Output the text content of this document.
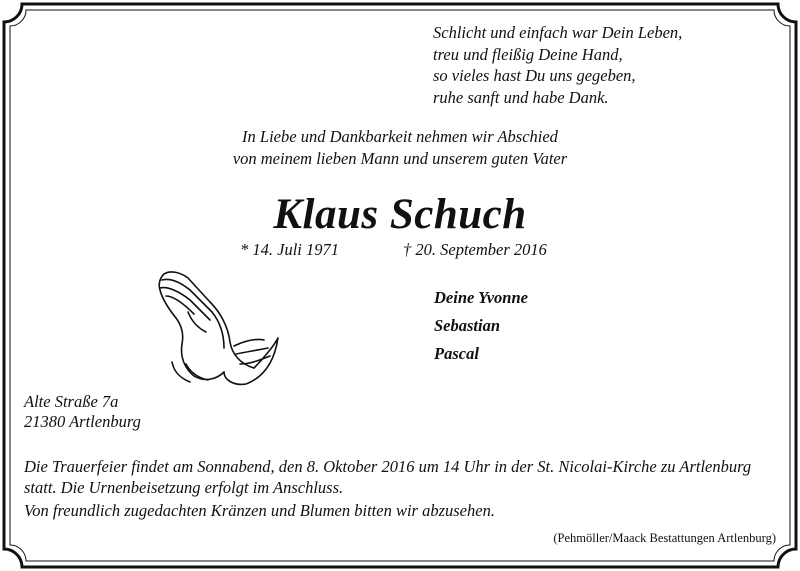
Schlicht und einfach war Dein Leben,
treu und fleißig Deine Hand,
so vieles hast Du uns gegeben,
ruhe sanft und habe Dank.
In Liebe und Dankbarkeit nehmen wir Abschied
von meinem lieben Mann und unserem guten Vater
Klaus Schuch
* 14. Juli 1971	† 20. September 2016
Deine Yvonne
Sebastian
Pascal
Alte Straße 7a
21380 Artlenburg
Die Trauerfeier findet am Sonnabend, den 8. Oktober 2016 um 14 Uhr in der St. Nicolai-Kirche zu Artlenburg statt. Die Urnenbeisetzung erfolgt im Anschluss.
Von freundlich zugedachten Kränzen und Blumen bitten wir abzusehen.
(Pehmöller/Maack Bestattungen Artlenburg)
